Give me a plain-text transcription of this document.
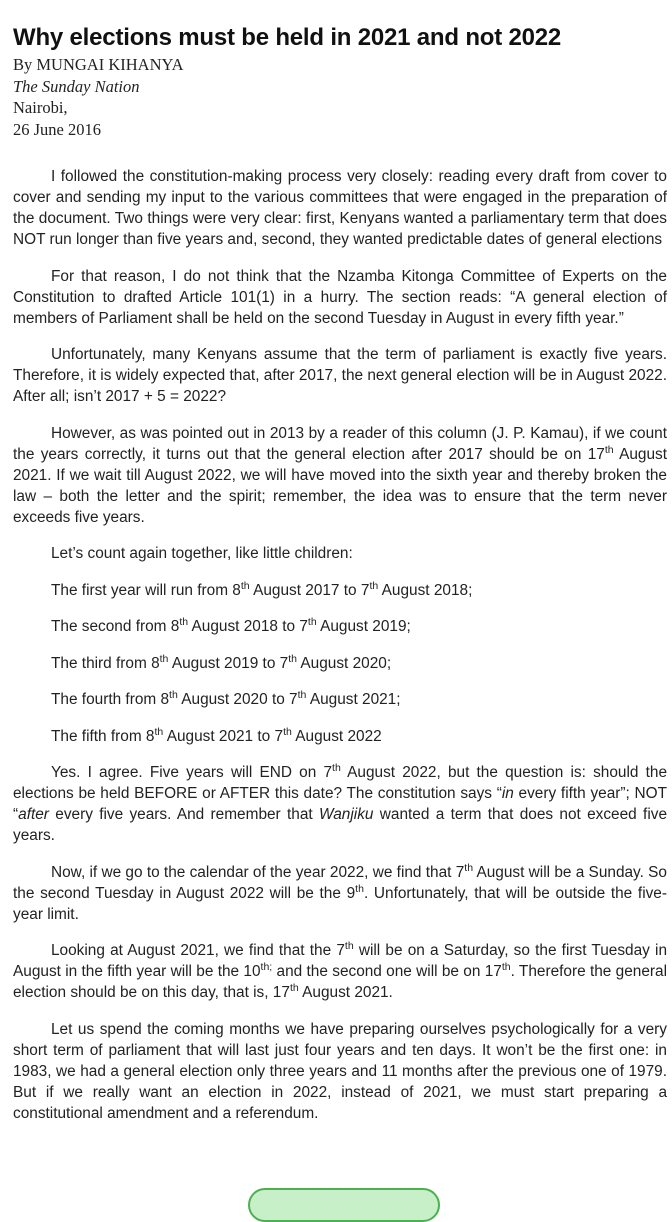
Why elections must be held in 2021 and not 2022
By MUNGAI KIHANYA
The Sunday Nation
Nairobi,
26 June 2016

I followed the constitution-making process very closely: reading every draft from cover to cover and sending my input to the various committees that were engaged in the preparation of the document. Two things were very clear: first, Kenyans wanted a parliamentary term that does NOT run longer than five years and, second, they wanted predictable dates of general elections

For that reason, I do not think that the Nzamba Kitonga Committee of Experts on the Constitution to drafted Article 101(1) in a hurry. The section reads: “A general election of members of Parliament shall be held on the second Tuesday in August in every fifth year.”

Unfortunately, many Kenyans assume that the term of parliament is exactly five years. Therefore, it is widely expected that, after 2017, the next general election will be in August 2022. After all; isn’t 2017 + 5 = 2022?

However, as was pointed out in 2013 by a reader of this column (J. P. Kamau), if we count the years correctly, it turns out that the general election after 2017 should be on 17th August 2021. If we wait till August 2022, we will have moved into the sixth year and thereby broken the law – both the letter and the spirit; remember, the idea was to ensure that the term never exceeds five years.

Let’s count again together, like little children:

The first year will run from 8th August 2017 to 7th August 2018;

The second from 8th August 2018 to 7th August 2019;

The third from 8th August 2019 to 7th August 2020;

The fourth from 8th August 2020 to 7th August 2021;

The fifth from 8th August 2021 to 7th August 2022

Yes. I agree. Five years will END on 7th August 2022, but the question is: should the elections be held BEFORE or AFTER this date? The constitution says “in every fifth year”; NOT “after every five years. And remember that Wanjiku wanted a term that does not exceed five years.

Now, if we go to the calendar of the year 2022, we find that 7th August will be a Sunday. So the second Tuesday in August 2022 will be the 9th. Unfortunately, that will be outside the five-year limit.

Looking at August 2021, we find that the 7th will be on a Saturday, so the first Tuesday in August in the fifth year will be the $10^{th;}$ and the second one will be on 17th. Therefore the general election should be on this day, that is, 17th August 2021.

Let us spend the coming months we have preparing ourselves psychologically for a very short term of parliament that will last just four years and ten days. It won’t be the first one: in 1983, we had a general election only three years and 11 months after the previous one of 1979. But if we really want an election in 2022, instead of 2021, we must start preparing a constitutional amendment and a referendum.
